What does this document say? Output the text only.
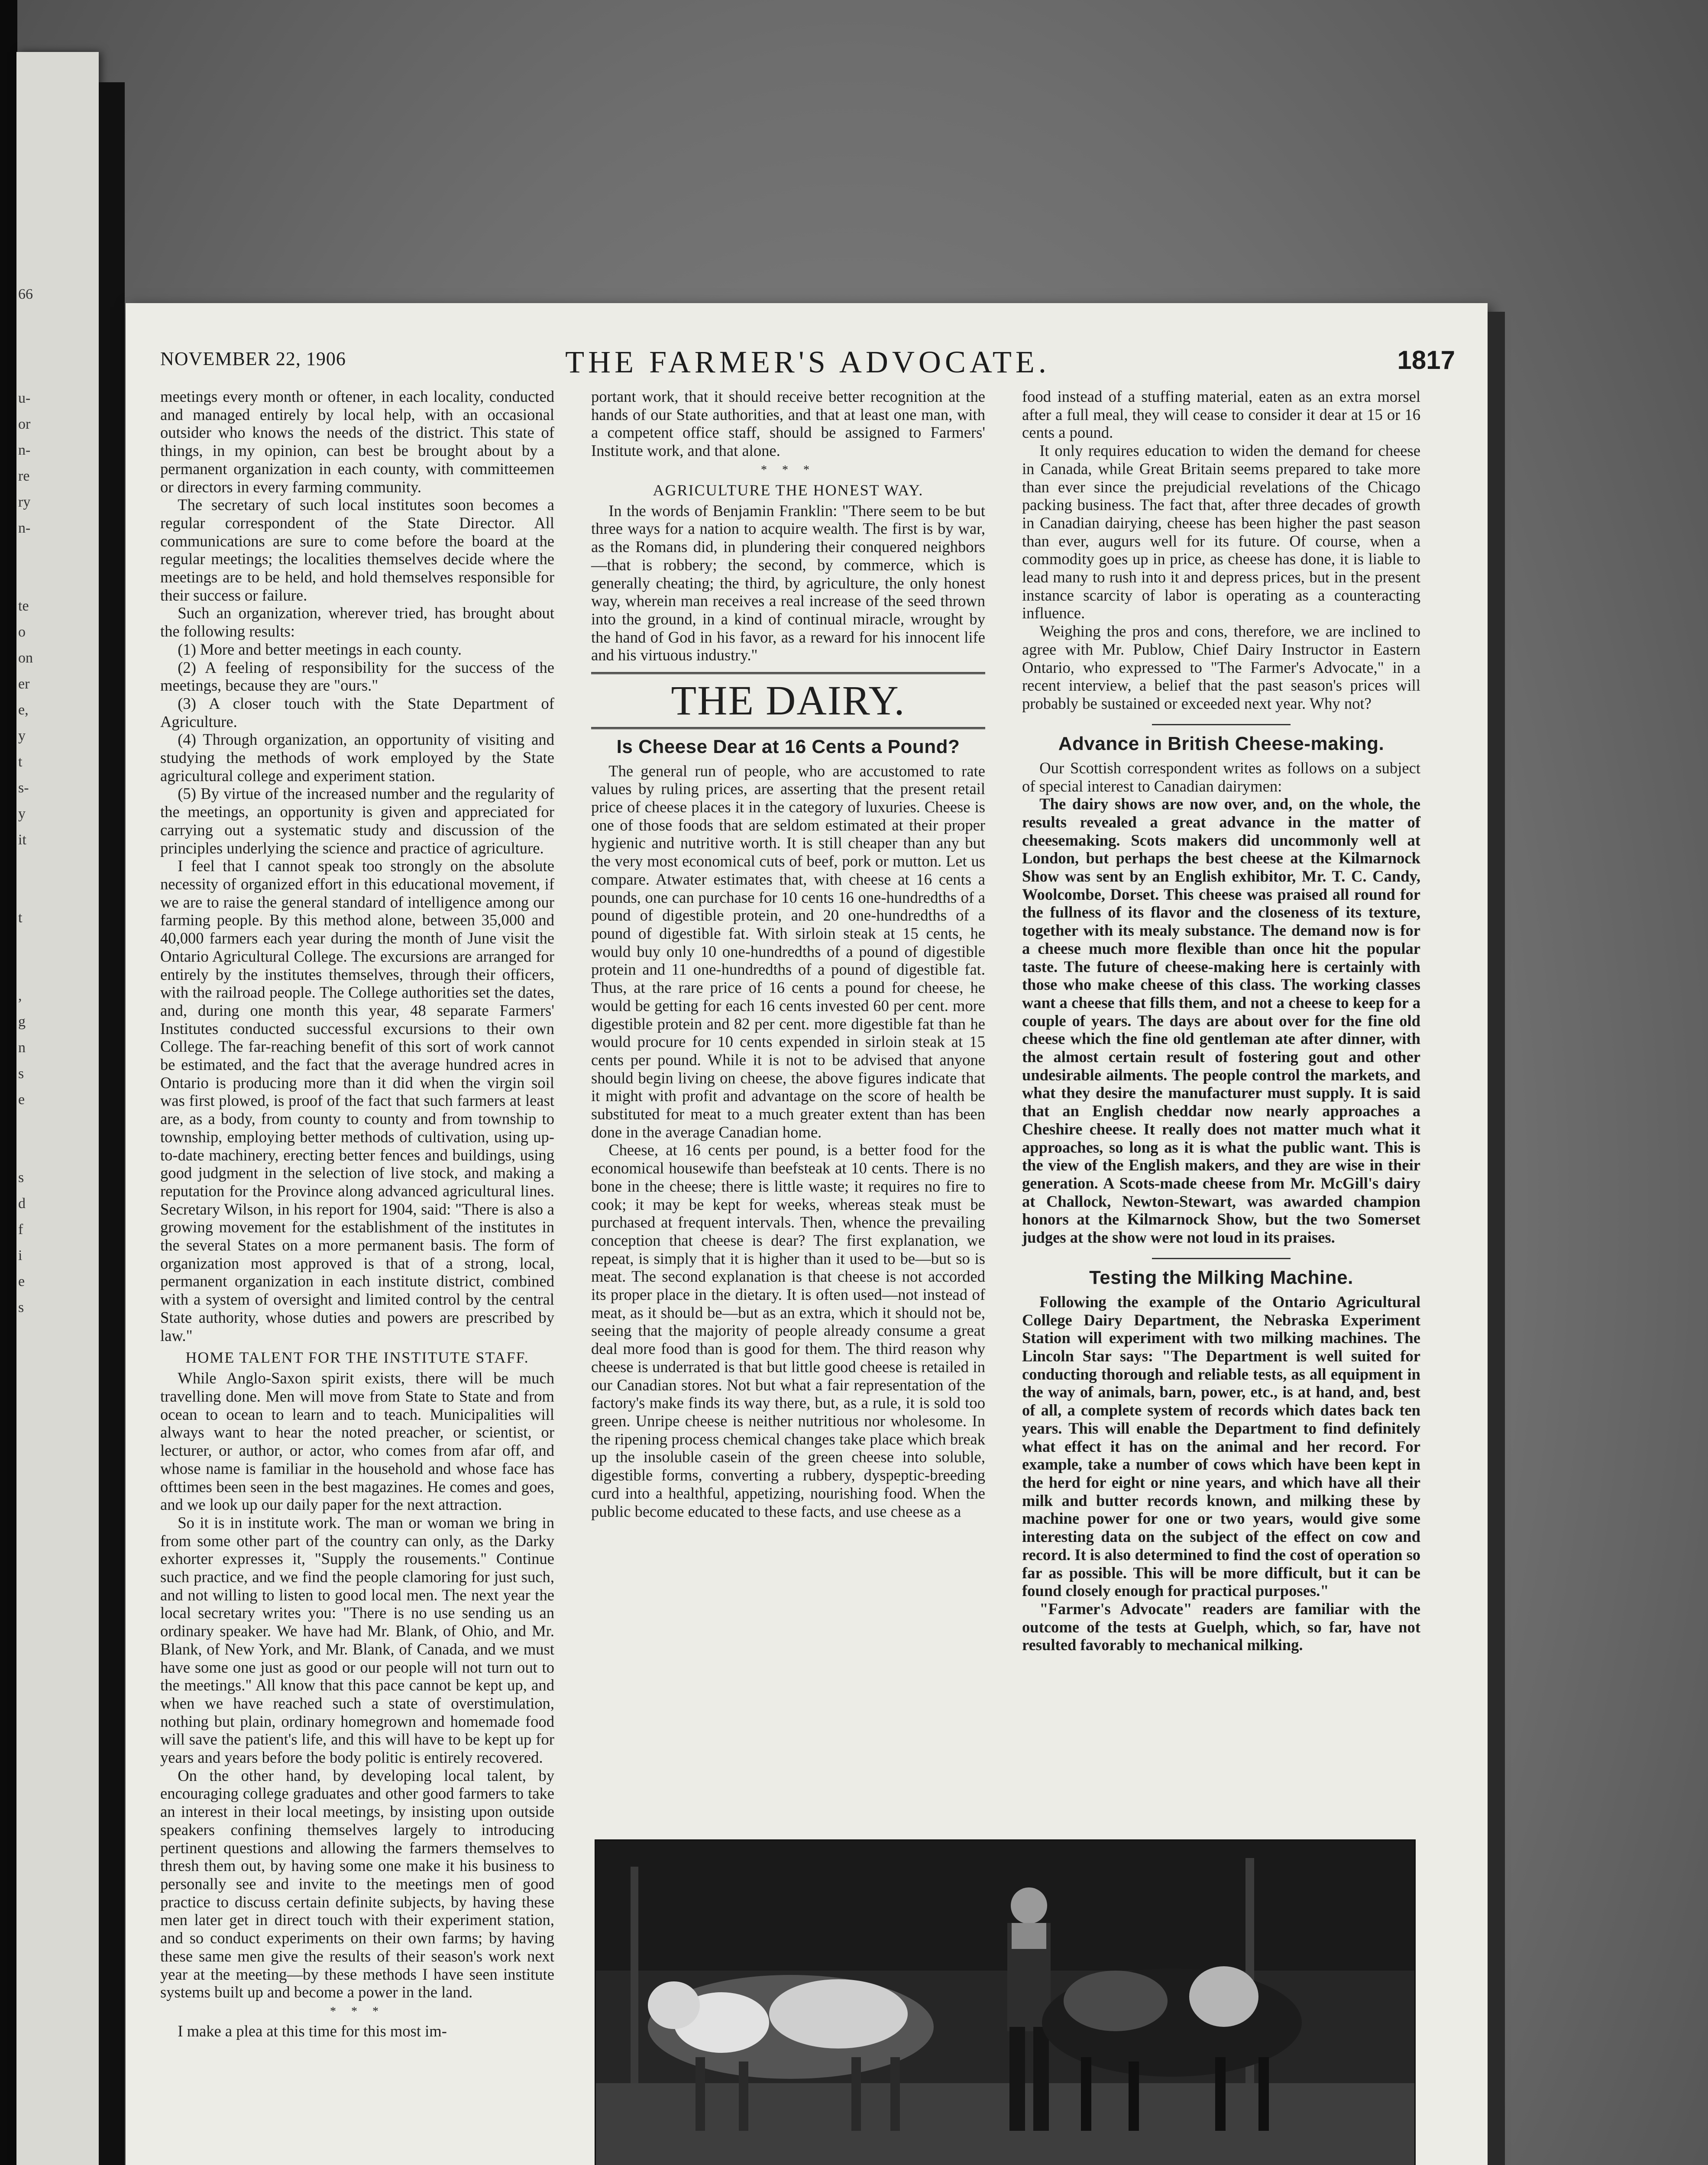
66
u-
or
n-
re
ry
n-
te
o
on
er
e,
y
t
s-
y
it
t
,
g
n
s
e
s
d
f
i
e
s
NOVEMBER 22, 1906	THE FARMER'S ADVOCATE.	1817

meetings every month or oftener, in each locality, conducted and managed entirely by local help, with an occasional outsider who knows the needs of the district. This state of things, in my opinion, can best be brought about by a permanent organization in each county, with committeemen or directors in every farming community.

The secretary of such local institutes soon becomes a regular correspondent of the State Director. All communications are sure to come before the board at the regular meetings; the localities themselves decide where the meetings are to be held, and hold themselves responsible for their success or failure.

Such an organization, wherever tried, has brought about the following results:

(1) More and better meetings in each county.

(2) A feeling of responsibility for the success of the meetings, because they are "ours."

(3) A closer touch with the State Department of Agriculture.

(4) Through organization, an opportunity of visiting and studying the methods of work employed by the State agricultural college and experiment station.

(5) By virtue of the increased number and the regularity of the meetings, an opportunity is given and appreciated for carrying out a systematic study and discussion of the principles underlying the science and practice of agriculture.

I feel that I cannot speak too strongly on the absolute necessity of organized effort in this educational movement, if we are to raise the general standard of intelligence among our farming people. By this method alone, between 35,000 and 40,000 farmers each year during the month of June visit the Ontario Agricultural College. The excursions are arranged for entirely by the institutes themselves, through their officers, with the railroad people. The College authorities set the dates, and, during one month this year, 48 separate Farmers' Institutes conducted successful excursions to their own College. The far-reaching benefit of this sort of work cannot be estimated, and the fact that the average hundred acres in Ontario is producing more than it did when the virgin soil was first plowed, is proof of the fact that such farmers at least are, as a body, from county to county and from township to township, employing better methods of cultivation, using up-to-date machinery, erecting better fences and buildings, using good judgment in the selection of live stock, and making a reputation for the Province along advanced agricultural lines. Secretary Wilson, in his report for 1904, said: "There is also a growing movement for the establishment of the institutes in the several States on a more permanent basis. The form of organization most approved is that of a strong, local, permanent organization in each institute district, combined with a system of oversight and limited control by the central State authority, whose duties and powers are prescribed by law."

HOME TALENT FOR THE INSTITUTE STAFF.

While Anglo-Saxon spirit exists, there will be much travelling done. Men will move from State to State and from ocean to ocean to learn and to teach. Municipalities will always want to hear the noted preacher, or scientist, or lecturer, or author, or actor, who comes from afar off, and whose name is familiar in the household and whose face has ofttimes been seen in the best magazines. He comes and goes, and we look up our daily paper for the next attraction.

So it is in institute work. The man or woman we bring in from some other part of the country can only, as the Darky exhorter expresses it, "Supply the rousements." Continue such practice, and we find the people clamoring for just such, and not willing to listen to good local men. The next year the local secretary writes you: "There is no use sending us an ordinary speaker. We have had Mr. Blank, of Ohio, and Mr. Blank, of New York, and Mr. Blank, of Canada, and we must have some one just as good or our people will not turn out to the meetings." All know that this pace cannot be kept up, and when we have reached such a state of overstimulation, nothing but plain, ordinary homegrown and homemade food will save the patient's life, and this will have to be kept up for years and years before the body politic is entirely recovered.

On the other hand, by developing local talent, by encouraging college graduates and other good farmers to take an interest in their local meetings, by insisting upon outside speakers confining themselves largely to introducing pertinent questions and allowing the farmers themselves to thresh them out, by having some one make it his business to personally see and invite to the meetings men of good practice to discuss certain definite subjects, by having these men later get in direct touch with their experiment station, and so conduct experiments on their own farms; by having these same men give the results of their season's work next year at the meeting—by these methods I have seen institute systems built up and become a power in the land.

* * *

I make a plea at this time for this most im-

portant work, that it should receive better recognition at the hands of our State authorities, and that at least one man, with a competent office staff, should be assigned to Farmers' Institute work, and that alone.

* * *

AGRICULTURE THE HONEST WAY.

In the words of Benjamin Franklin: "There seem to be but three ways for a nation to acquire wealth. The first is by war, as the Romans did, in plundering their conquered neighbors—that is robbery; the second, by commerce, which is generally cheating; the third, by agriculture, the only honest way, wherein man receives a real increase of the seed thrown into the ground, in a kind of continual miracle, wrought by the hand of God in his favor, as a reward for his innocent life and his virtuous industry."

THE DAIRY.
Is Cheese Dear at 16 Cents a Pound?

The general run of people, who are accustomed to rate values by ruling prices, are asserting that the present retail price of cheese places it in the category of luxuries. Cheese is one of those foods that are seldom estimated at their proper hygienic and nutritive worth. It is still cheaper than any but the very most economical cuts of beef, pork or mutton. Let us compare. Atwater estimates that, with cheese at 16 cents a pounds, one can purchase for 10 cents 16 one-hundredths of a pound of digestible protein, and 20 one-hundredths of a pound of digestible fat. With sirloin steak at 15 cents, he would buy only 10 one-hundredths of a pound of digestible protein and 11 one-hundredths of a pound of digestible fat. Thus, at the rare price of 16 cents a pound for cheese, he would be getting for each 16 cents invested 60 per cent. more digestible protein and 82 per cent. more digestible fat than he would procure for 10 cents expended in sirloin steak at 15 cents per pound. While it is not to be advised that anyone should begin living on cheese, the above figures indicate that it might with profit and advantage on the score of health be substituted for meat to a much greater extent than has been done in the average Canadian home.

Cheese, at 16 cents per pound, is a better food for the economical housewife than beefsteak at 10 cents. There is no bone in the cheese; there is little waste; it requires no fire to cook; it may be kept for weeks, whereas steak must be purchased at frequent intervals. Then, whence the prevailing conception that cheese is dear? The first explanation, we repeat, is simply that it is higher than it used to be—but so is meat. The second explanation is that cheese is not accorded its proper place in the dietary. It is often used—not instead of meat, as it should be—but as an extra, which it should not be, seeing that the majority of people already consume a great deal more food than is good for them. The third reason why cheese is underrated is that but little good cheese is retailed in our Canadian stores. Not but what a fair representation of the factory's make finds its way there, but, as a rule, it is sold too green. Unripe cheese is neither nutritious nor wholesome. In the ripening process chemical changes take place which break up the insoluble casein of the green cheese into soluble, digestible forms, converting a rubbery, dyspeptic-breeding curd into a healthful, appetizing, nourishing food. When the public become educated to these facts, and use cheese as a

food instead of a stuffing material, eaten as an extra morsel after a full meal, they will cease to consider it dear at 15 or 16 cents a pound.

It only requires education to widen the demand for cheese in Canada, while Great Britain seems prepared to take more than ever since the prejudicial revelations of the Chicago packing business. The fact that, after three decades of growth in Canadian dairying, cheese has been higher the past season than ever, augurs well for its future. Of course, when a commodity goes up in price, as cheese has done, it is liable to lead many to rush into it and depress prices, but in the present instance scarcity of labor is operating as a counteracting influence.

Weighing the pros and cons, therefore, we are inclined to agree with Mr. Publow, Chief Dairy Instructor in Eastern Ontario, who expressed to "The Farmer's Advocate," in a recent interview, a belief that the past season's prices will probably be sustained or exceeded next year. Why not?

Advance in British Cheese-making.

Our Scottish correspondent writes as follows on a subject of special interest to Canadian dairymen:

The dairy shows are now over, and, on the whole, the results revealed a great advance in the matter of cheesemaking. Scots makers did uncommonly well at London, but perhaps the best cheese at the Kilmarnock Show was sent by an English exhibitor, Mr. T. C. Candy, Woolcombe, Dorset. This cheese was praised all round for the fullness of its flavor and the closeness of its texture, together with its mealy substance. The demand now is for a cheese much more flexible than once hit the popular taste. The future of cheese-making here is certainly with those who make cheese of this class. The working classes want a cheese that fills them, and not a cheese to keep for a couple of years. The days are about over for the fine old cheese which the fine old gentleman ate after dinner, with the almost certain result of fostering gout and other undesirable ailments. The people control the markets, and what they desire the manufacturer must supply. It is said that an English cheddar now nearly approaches a Cheshire cheese. It really does not matter much what it approaches, so long as it is what the public want. This is the view of the English makers, and they are wise in their generation. A Scots-made cheese from Mr. McGill's dairy at Challock, Newton-Stewart, was awarded champion honors at the Kilmarnock Show, but the two Somerset judges at the show were not loud in its praises.

Testing the Milking Machine.

Following the example of the Ontario Agricultural College Dairy Department, the Nebraska Experiment Station will experiment with two milking machines. The Lincoln Star says: "The Department is well suited for conducting thorough and reliable tests, as all equipment in the way of animals, barn, power, etc., is at hand, and, best of all, a complete system of records which dates back ten years. This will enable the Department to find definitely what effect it has on the animal and her record. For example, take a number of cows which have been kept in the herd for eight or nine years, and which have all their milk and butter records known, and milking these by machine power for one or two years, would give some interesting data on the subject of the effect on cow and record. It is also determined to find the cost of operation so far as possible. This will be more difficult, but it can be found closely enough for practical purposes."

"Farmer's Advocate" readers are familiar with the outcome of the tests at Guelph, which, so far, have not resulted favorably to mechanical milking.
